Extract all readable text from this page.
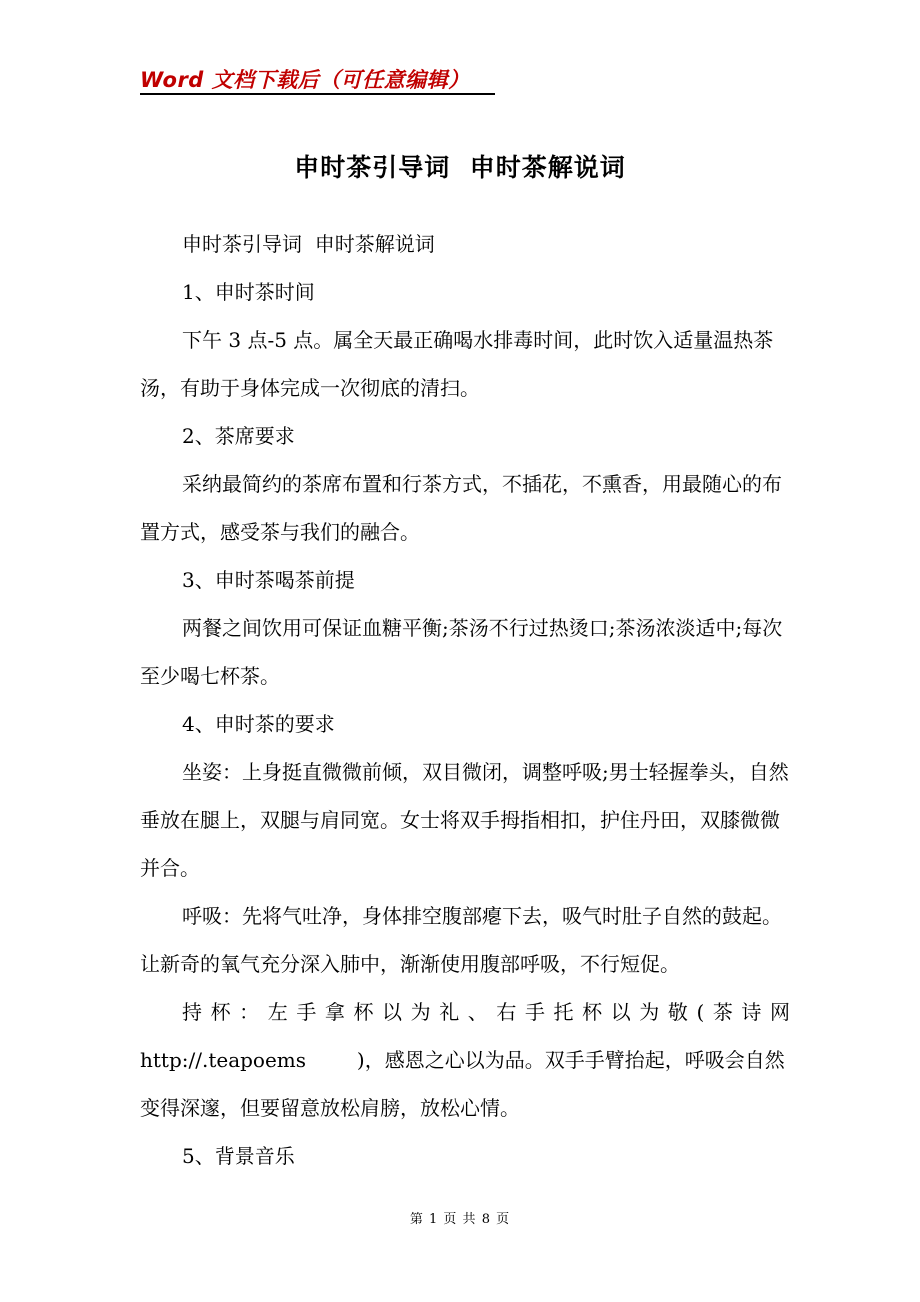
Word 文档下载后（可任意编辑）
申时茶引导词  申时茶解说词

申时茶引导词  申时茶解说词

1、申时茶时间

下午 3 点-5 点。属全天最正确喝水排毒时间，此时饮入适量温热茶汤，有助于身体完成一次彻底的清扫。

2、茶席要求

采纳最简约的茶席布置和行茶方式，不插花，不熏香，用最随心的布置方式，感受茶与我们的融合。

3、申时茶喝茶前提

两餐之间饮用可保证血糖平衡;茶汤不行过热烫口;茶汤浓淡适中;每次至少喝七杯茶。

4、申时茶的要求

坐姿：上身挺直微微前倾，双目微闭，调整呼吸;男士轻握拳头，自然垂放在腿上，双腿与肩同宽。女士将双手拇指相扣，护住丹田，双膝微微并合。

呼吸：先将气吐净，身体排空腹部瘪下去，吸气时肚子自然的鼓起。让新奇的氧气充分深入肺中，渐渐使用腹部呼吸，不行短促。

持杯：左手拿杯以为礼、右手托杯以为敬(茶诗网

http://.teapoems        )，感恩之心以为品。双手手臂抬起，呼吸会自然变得深邃，但要留意放松肩膀，放松心情。

5、背景音乐

第 1 页 共 8 页
